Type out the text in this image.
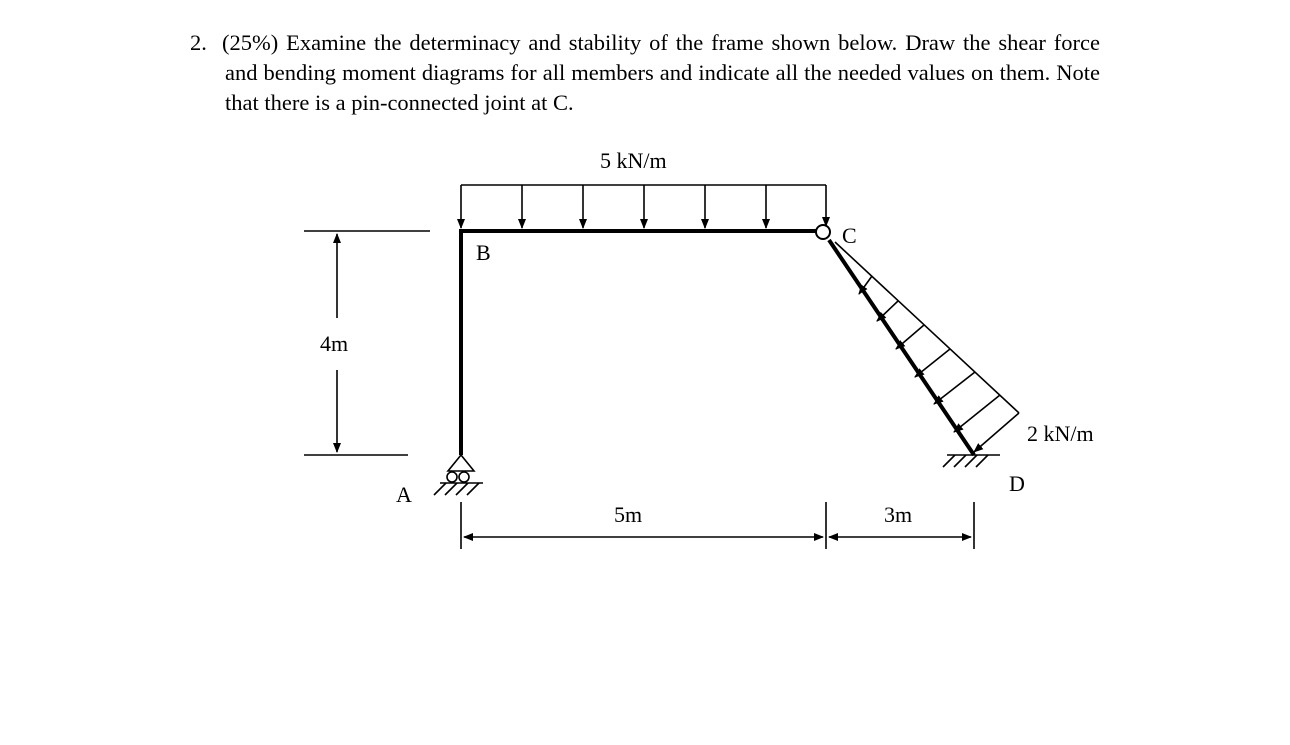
2. (25%) Examine the determinacy and stability of the frame shown below. Draw the shear force and bending moment diagrams for all members and indicate all the needed values on them. Note that there is a pin-connected joint at C.
5 kN/m
2 kN/m
A
B
C
D
4m
5m	3m
